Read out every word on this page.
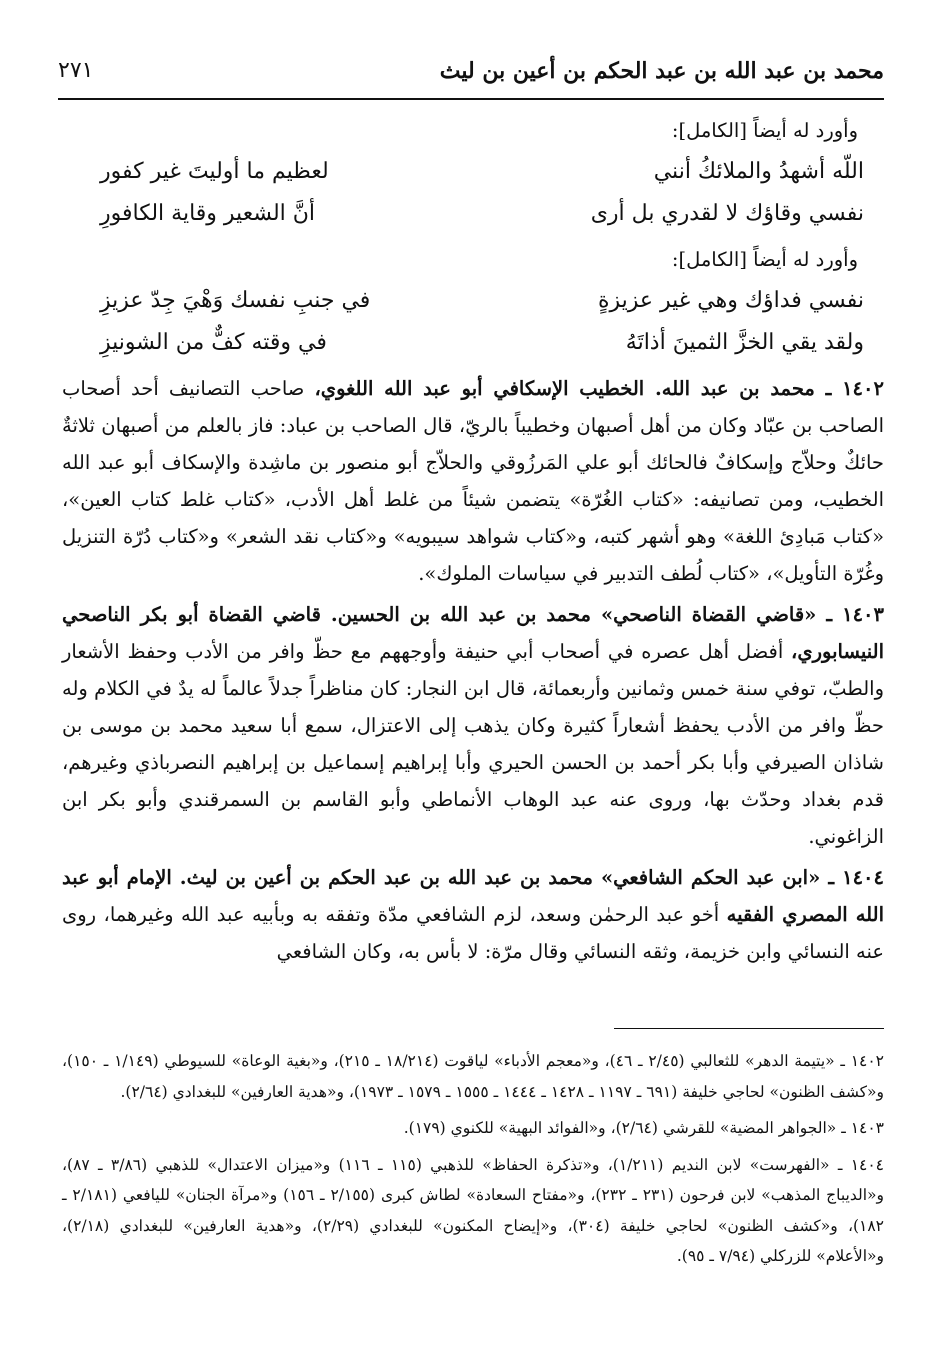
محمد بن عبد الله بن عبد الحكم بن أعين بن ليث
٢٧١

وأورد له أيضاً [الكامل]:

اللّه أشهدُ والملائكُ أنني
لعظيم ما أوليتَ غير كفور
نفسي وقاؤك لا لقدري بل أرى
أنَّ الشعير وقاية الكافورِ

وأورد له أيضاً [الكامل]:

نفسي فداؤك وهي غير عزيزةٍ
في جنبِ نفسك وَهْيَ جِدّ عزيزِ
ولقد يقي الخزَّ الثمينَ أذاتَهُ
في وقته كفٌّ من الشونيزِ

١٤٠٢ ـ محمد بن عبد الله. الخطيب الإسكافي أبو عبد الله اللغوي، صاحب التصانيف أحد أصحاب الصاحب بن عبّاد وكان من أهل أصبهان وخطيباً بالريّ، قال الصاحب بن عباد: فاز بالعلم من أصبهان ثلاثةٌ حائكٌ وحلاّج وإسكافٌ فالحائك أبو علي المَرزُوقي والحلاّج أبو منصور بن ماشِدة والإسكاف أبو عبد الله الخطيب، ومن تصانيفه: «كتاب الغُرّة» يتضمن شيئاً من غلط أهل الأدب، «كتاب غلط كتاب العين»، «كتاب مَبادِئ اللغة» وهو أشهر كتبه، و«كتاب شواهد سيبويه» و«كتاب نقد الشعر» و«كتاب دُرّة التنزيل وغُرّة التأويل»، «كتاب لُطف التدبير في سياسات الملوك».

١٤٠٣ ـ «قاضي القضاة الناصحي» محمد بن عبد الله بن الحسين. قاضي القضاة أبو بكر الناصحي النيسابوري، أفضل أهل عصره في أصحاب أبي حنيفة وأوجههم مع حظّ وافر من الأدب وحفظ الأشعار والطبّ، توفي سنة خمس وثمانين وأربعمائة، قال ابن النجار: كان مناظراً جدلاً عالماً له يدٌ في الكلام وله حظّ وافر من الأدب يحفظ أشعاراً كثيرة وكان يذهب إلى الاعتزال، سمع أبا سعيد محمد بن موسى بن شاذان الصيرفي وأبا بكر أحمد بن الحسن الحيري وأبا إبراهيم إسماعيل بن إبراهيم النصرباذي وغيرهم، قدم بغداد وحدّث بها، وروى عنه عبد الوهاب الأنماطي وأبو القاسم بن السمرقندي وأبو بكر ابن الزاغوني.

١٤٠٤ ـ «ابن عبد الحكم الشافعي» محمد بن عبد الله بن عبد الحكم بن أعين بن ليث. الإمام أبو عبد الله المصري الفقيه أخو عبد الرحمٰن وسعد، لزم الشافعي مدّة وتفقه به وبأبيه عبد الله وغيرهما، روى عنه النسائي وابن خزيمة، وثقه النسائي وقال مرّة: لا بأس به، وكان الشافعي

١٤٠٢ ـ «يتيمة الدهر» للثعالبي (٢/٤٥ ـ ٤٦)، و«معجم الأدباء» لياقوت (١٨/٢١٤ ـ ٢١٥)، و«بغية الوعاة» للسيوطي (١/١٤٩ ـ ١٥٠)، و«كشف الظنون» لحاجي خليفة (٦٩١ ـ ١١٩٧ ـ ١٤٢٨ ـ ١٤٤٤ ـ ١٥٥٥ ـ ١٥٧٩ ـ ١٩٧٣)، و«هدية العارفين» للبغدادي (٢/٦٤).

١٤٠٣ ـ «الجواهر المضية» للقرشي (٢/٦٤)، و«الفوائد البهية» للكنوي (١٧٩).

١٤٠٤ ـ «الفهرست» لابن النديم (١/٢١١)، و«تذكرة الحفاظ» للذهبي (١١٥ ـ ١١٦) و«ميزان الاعتدال» للذهبي (٣/٨٦ ـ ٨٧)، و«الديباج المذهب» لابن فرحون (٢٣١ ـ ٢٣٢)، و«مفتاح السعادة» لطاش كبرى (٢/١٥٥ ـ ١٥٦) و«مرآة الجنان» لليافعي (٢/١٨١ ـ ١٨٢)، و«كشف الظنون» لحاجي خليفة (٣٠٤)، و«إيضاح المكنون» للبغدادي (٢/٢٩)، و«هدية العارفين» للبغدادي (٢/١٨)، و«الأعلام» للزركلي (٧/٩٤ ـ ٩٥).
